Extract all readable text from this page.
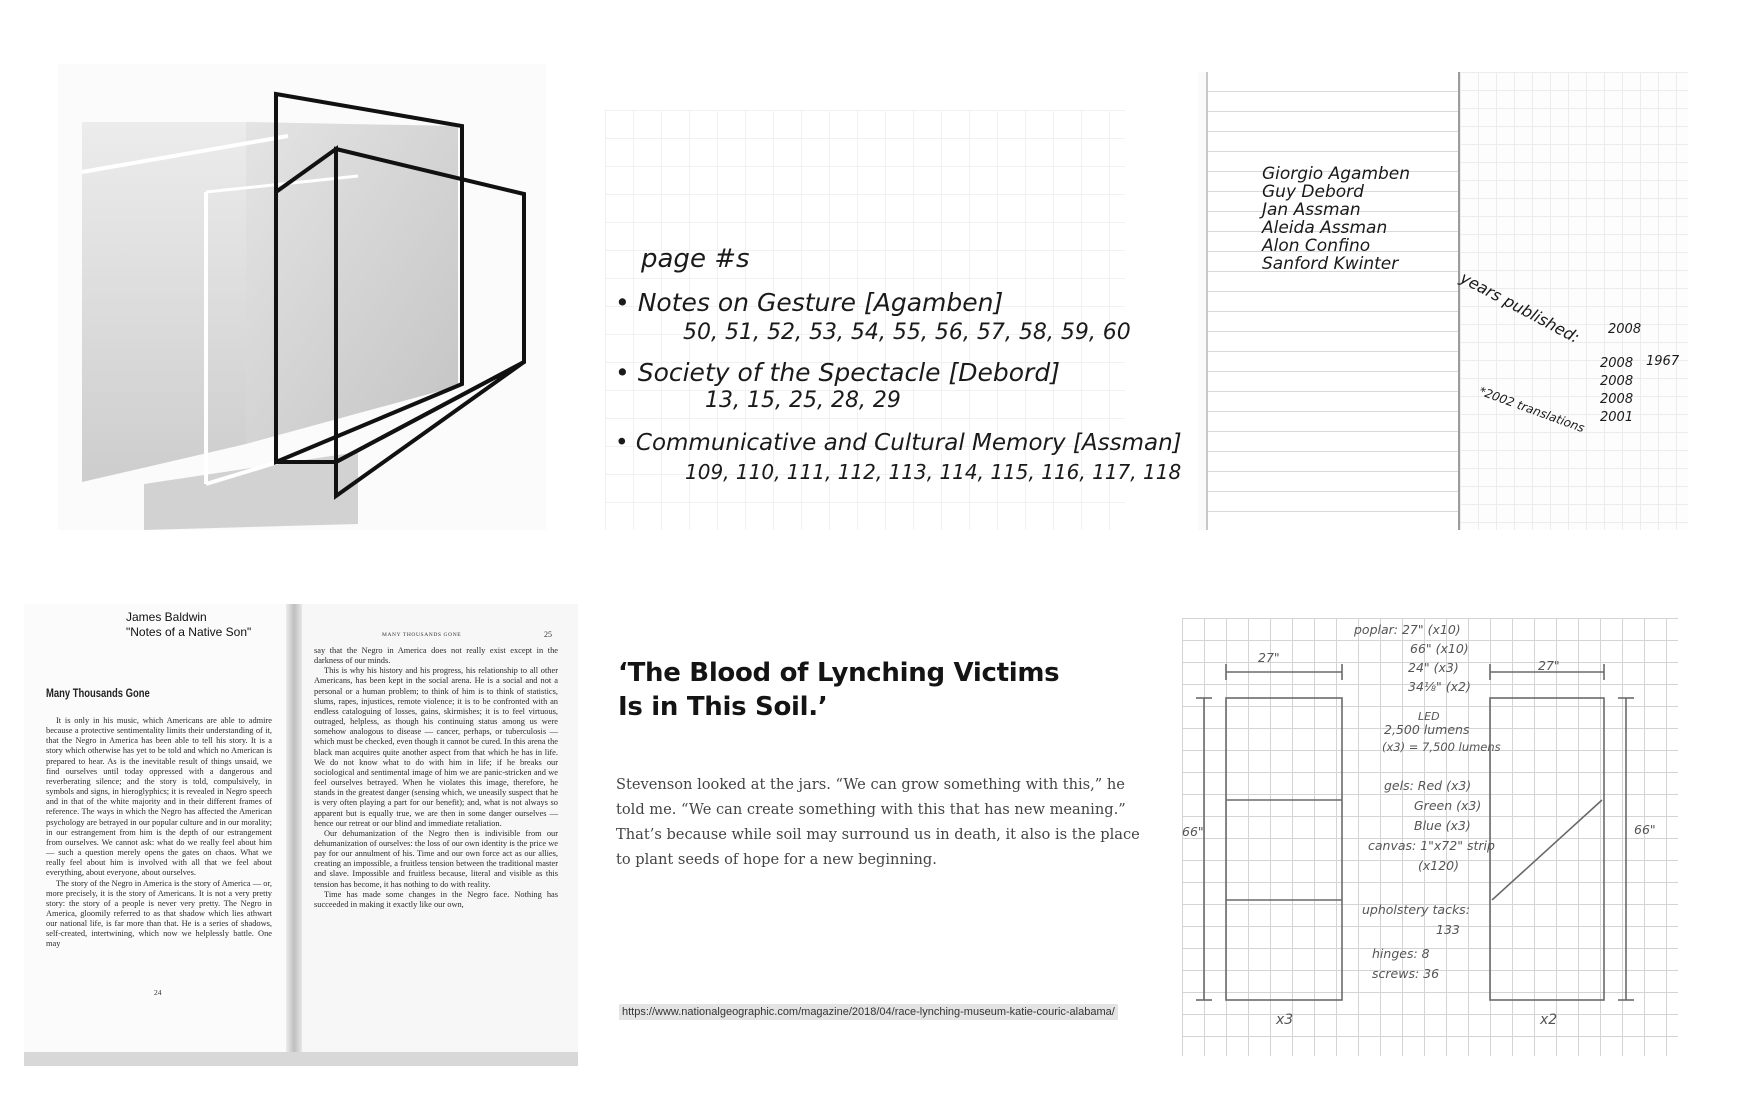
page #s
• Notes on Gesture [Agamben]
50, 51, 52, 53, 54, 55, 56, 57, 58, 59, 60
• Society of the Spectacle [Debord]
13, 15, 25, 28, 29
• Communicative and Cultural Memory [Assman]
109, 110, 111, 112, 113, 114, 115, 116, 117, 118
Giorgio Agamben
Guy Debord
Jan Assman
Aleida Assman
Alon Confino
Sanford Kwinter
years published: 2008
2008 1967
2008
2008
2001
*2002 translations
James Baldwin
"Notes of a Native Son"
Many Thousands Gone

It is only in his music, which Americans are able to admire because a protective sentimentality limits their understanding of it, that the Negro in America has been able to tell his story. It is a story which otherwise has yet to be told and which no American is prepared to hear. As is the inevitable result of things unsaid, we find ourselves until today oppressed with a dangerous and reverberating silence; and the story is told, compulsively, in symbols and signs, in hieroglyphics; it is revealed in Negro speech and in that of the white majority and in their different frames of reference. The ways in which the Negro has affected the American psychology are betrayed in our popular culture and in our morality; in our estrangement from him is the depth of our estrangement from ourselves. We cannot ask: what do we really feel about him — such a question merely opens the gates on chaos. What we really feel about him is involved with all that we feel about everything, about everyone, about ourselves.

The story of the Negro in America is the story of America — or, more precisely, it is the story of Americans. It is not a very pretty story: the story of a people is never very pretty. The Negro in America, gloomily referred to as that shadow which lies athwart our national life, is far more than that. He is a series of shadows, self-created, intertwining, which now we helplessly battle. One may

24
MANY THOUSANDS GONE	25

say that the Negro in America does not really exist except in the darkness of our minds.

This is why his history and his progress, his relationship to all other Americans, has been kept in the social arena. He is a social and not a personal or a human problem; to think of him is to think of statistics, slums, rapes, injustices, remote violence; it is to be confronted with an endless cataloguing of losses, gains, skirmishes; it is to feel virtuous, outraged, helpless, as though his continuing status among us were somehow analogous to disease — cancer, perhaps, or tuberculosis — which must be checked, even though it cannot be cured. In this arena the black man acquires quite another aspect from that which he has in life. We do not know what to do with him in life; if he breaks our sociological and sentimental image of him we are panic-stricken and we feel ourselves betrayed. When he violates this image, therefore, he stands in the greatest danger (sensing which, we uneasily suspect that he is very often playing a part for our benefit); and, what is not always so apparent but is equally true, we are then in some danger ourselves — hence our retreat or our blind and immediate retaliation.

Our dehumanization of the Negro then is indivisible from our dehumanization of ourselves: the loss of our own identity is the price we pay for our annulment of his. Time and our own force act as our allies, creating an impossible, a fruitless tension between the traditional master and slave. Impossible and fruitless because, literal and visible as this tension has become, it has nothing to do with reality.

Time has made some changes in the Negro face. Nothing has succeeded in making it exactly like our own,

‘The Blood of Lynching Victims Is in This Soil.’

Stevenson looked at the jars. “We can grow something with this,” he told me. “We can create something with this that has new meaning.” That’s because while soil may surround us in death, it also is the place to plant seeds of hope for a new beginning.

https://www.nationalgeographic.com/magazine/2018/04/race-lynching-museum-katie-couric-alabama/
27"
27"
66"	66"
x3	x2
poplar: 27" (x10)
66" (x10)
24" (x3)
34⅛" (x2)
LED
2,500 lumens
(x3) = 7,500 lumens
gels: Red (x3)
Green (x3)
Blue (x3)
canvas: 1"x72" strip
(x120)
upholstery tacks:
133
hinges: 8
screws: 36
